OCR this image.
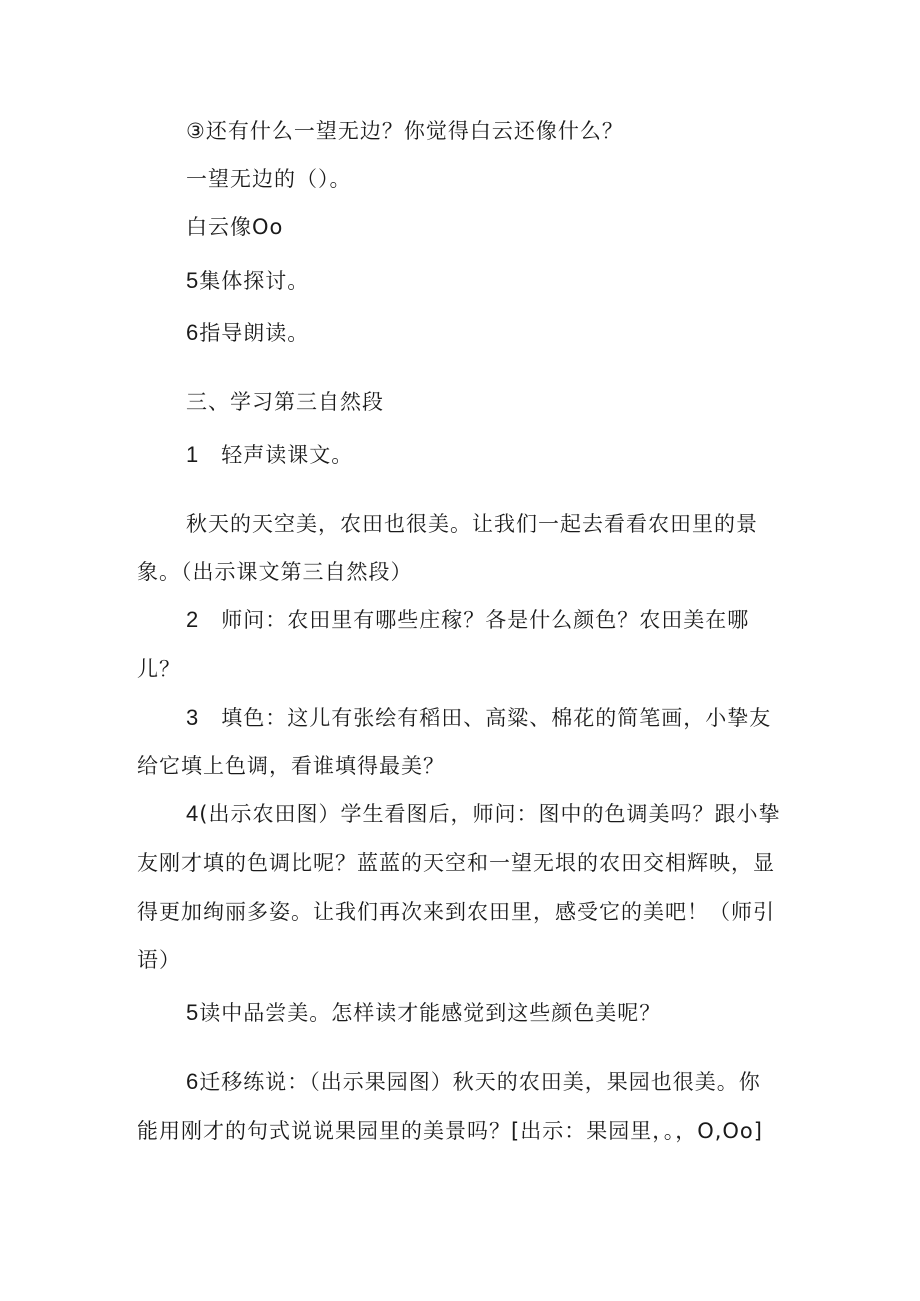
③还有什么一望无边？你觉得白云还像什么？
一望无边的（）。
白云像Oo
5集体探讨。
6指导朗读。
三、学习第三自然段
1 轻声读课文。
秋天的天空美，农田也很美。让我们一起去看看农田里的景
象。（出示课文第三自然段）
2 师问：农田里有哪些庄稼？各是什么颜色？农田美在哪
儿？
3 填色：这儿有张绘有稻田、高粱、棉花的简笔画，小挚友
给它填上色调，看谁填得最美？
4(出示农田图）学生看图后，师问：图中的色调美吗？跟小挚
友刚才填的色调比呢？蓝蓝的天空和一望无垠的农田交相辉映，显
得更加绚丽多姿。让我们再次来到农田里，感受它的美吧！（师引
语）
5读中品尝美。怎样读才能感觉到这些颜色美呢？
6迁移练说：（出示果园图）秋天的农田美，果园也很美。你
能用刚才的句式说说果园里的美景吗？[出示：果园里，。，O,Oo]
